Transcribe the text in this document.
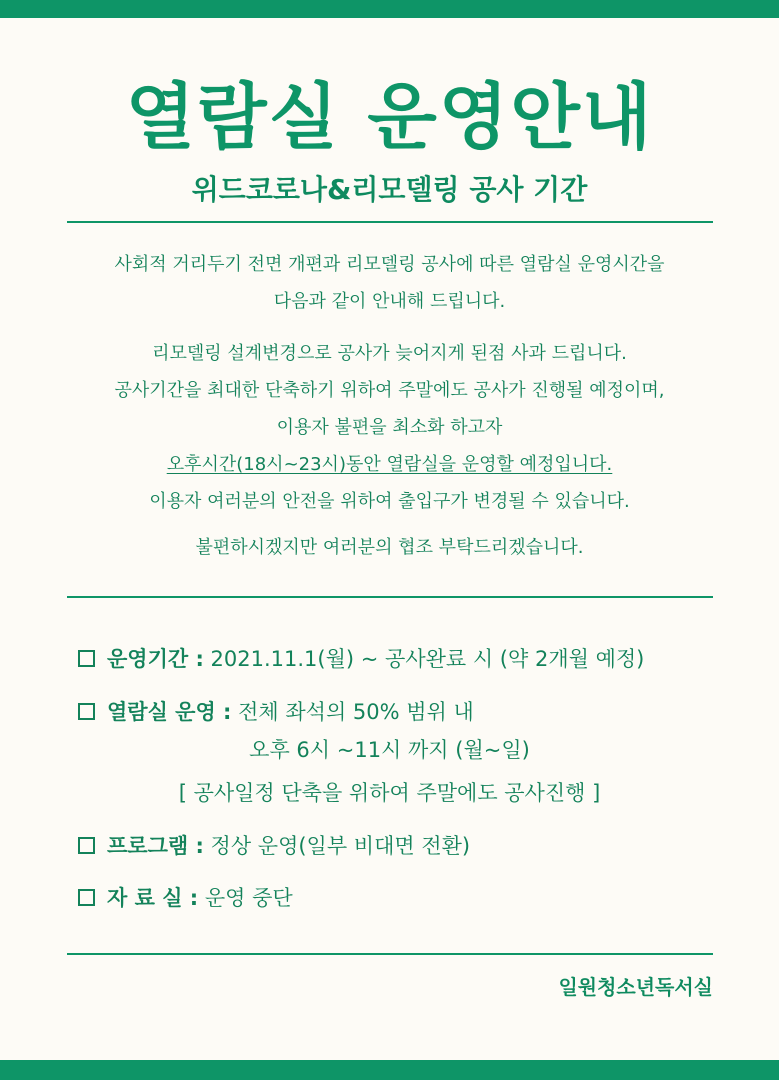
열람실 운영안내
위드코로나&리모델링 공사 기간
사회적 거리두기 전면 개편과 리모델링 공사에 따른 열람실 운영시간을
다음과 같이 안내해 드립니다.
리모델링 설계변경으로 공사가 늦어지게 된점 사과 드립니다.
공사기간을 최대한 단축하기 위하여 주말에도 공사가 진행될 예정이며,
이용자 불편을 최소화 하고자
오후시간(18시~23시)동안 열람실을 운영할 예정입니다.
이용자 여러분의 안전을 위하여 출입구가 변경될 수 있습니다.
불편하시겠지만 여러분의 협조 부탁드리겠습니다.
운영기간 : 2021.11.1(월) ~ 공사완료 시 (약 2개월 예정)
열람실 운영 : 전체 좌석의 50% 범위 내
오후 6시 ~11시 까지 (월~일)
[ 공사일정 단축을 위하여 주말에도 공사진행 ]
프로그램 : 정상 운영(일부 비대면 전환)
자 료 실 : 운영 중단
일원청소년독서실
